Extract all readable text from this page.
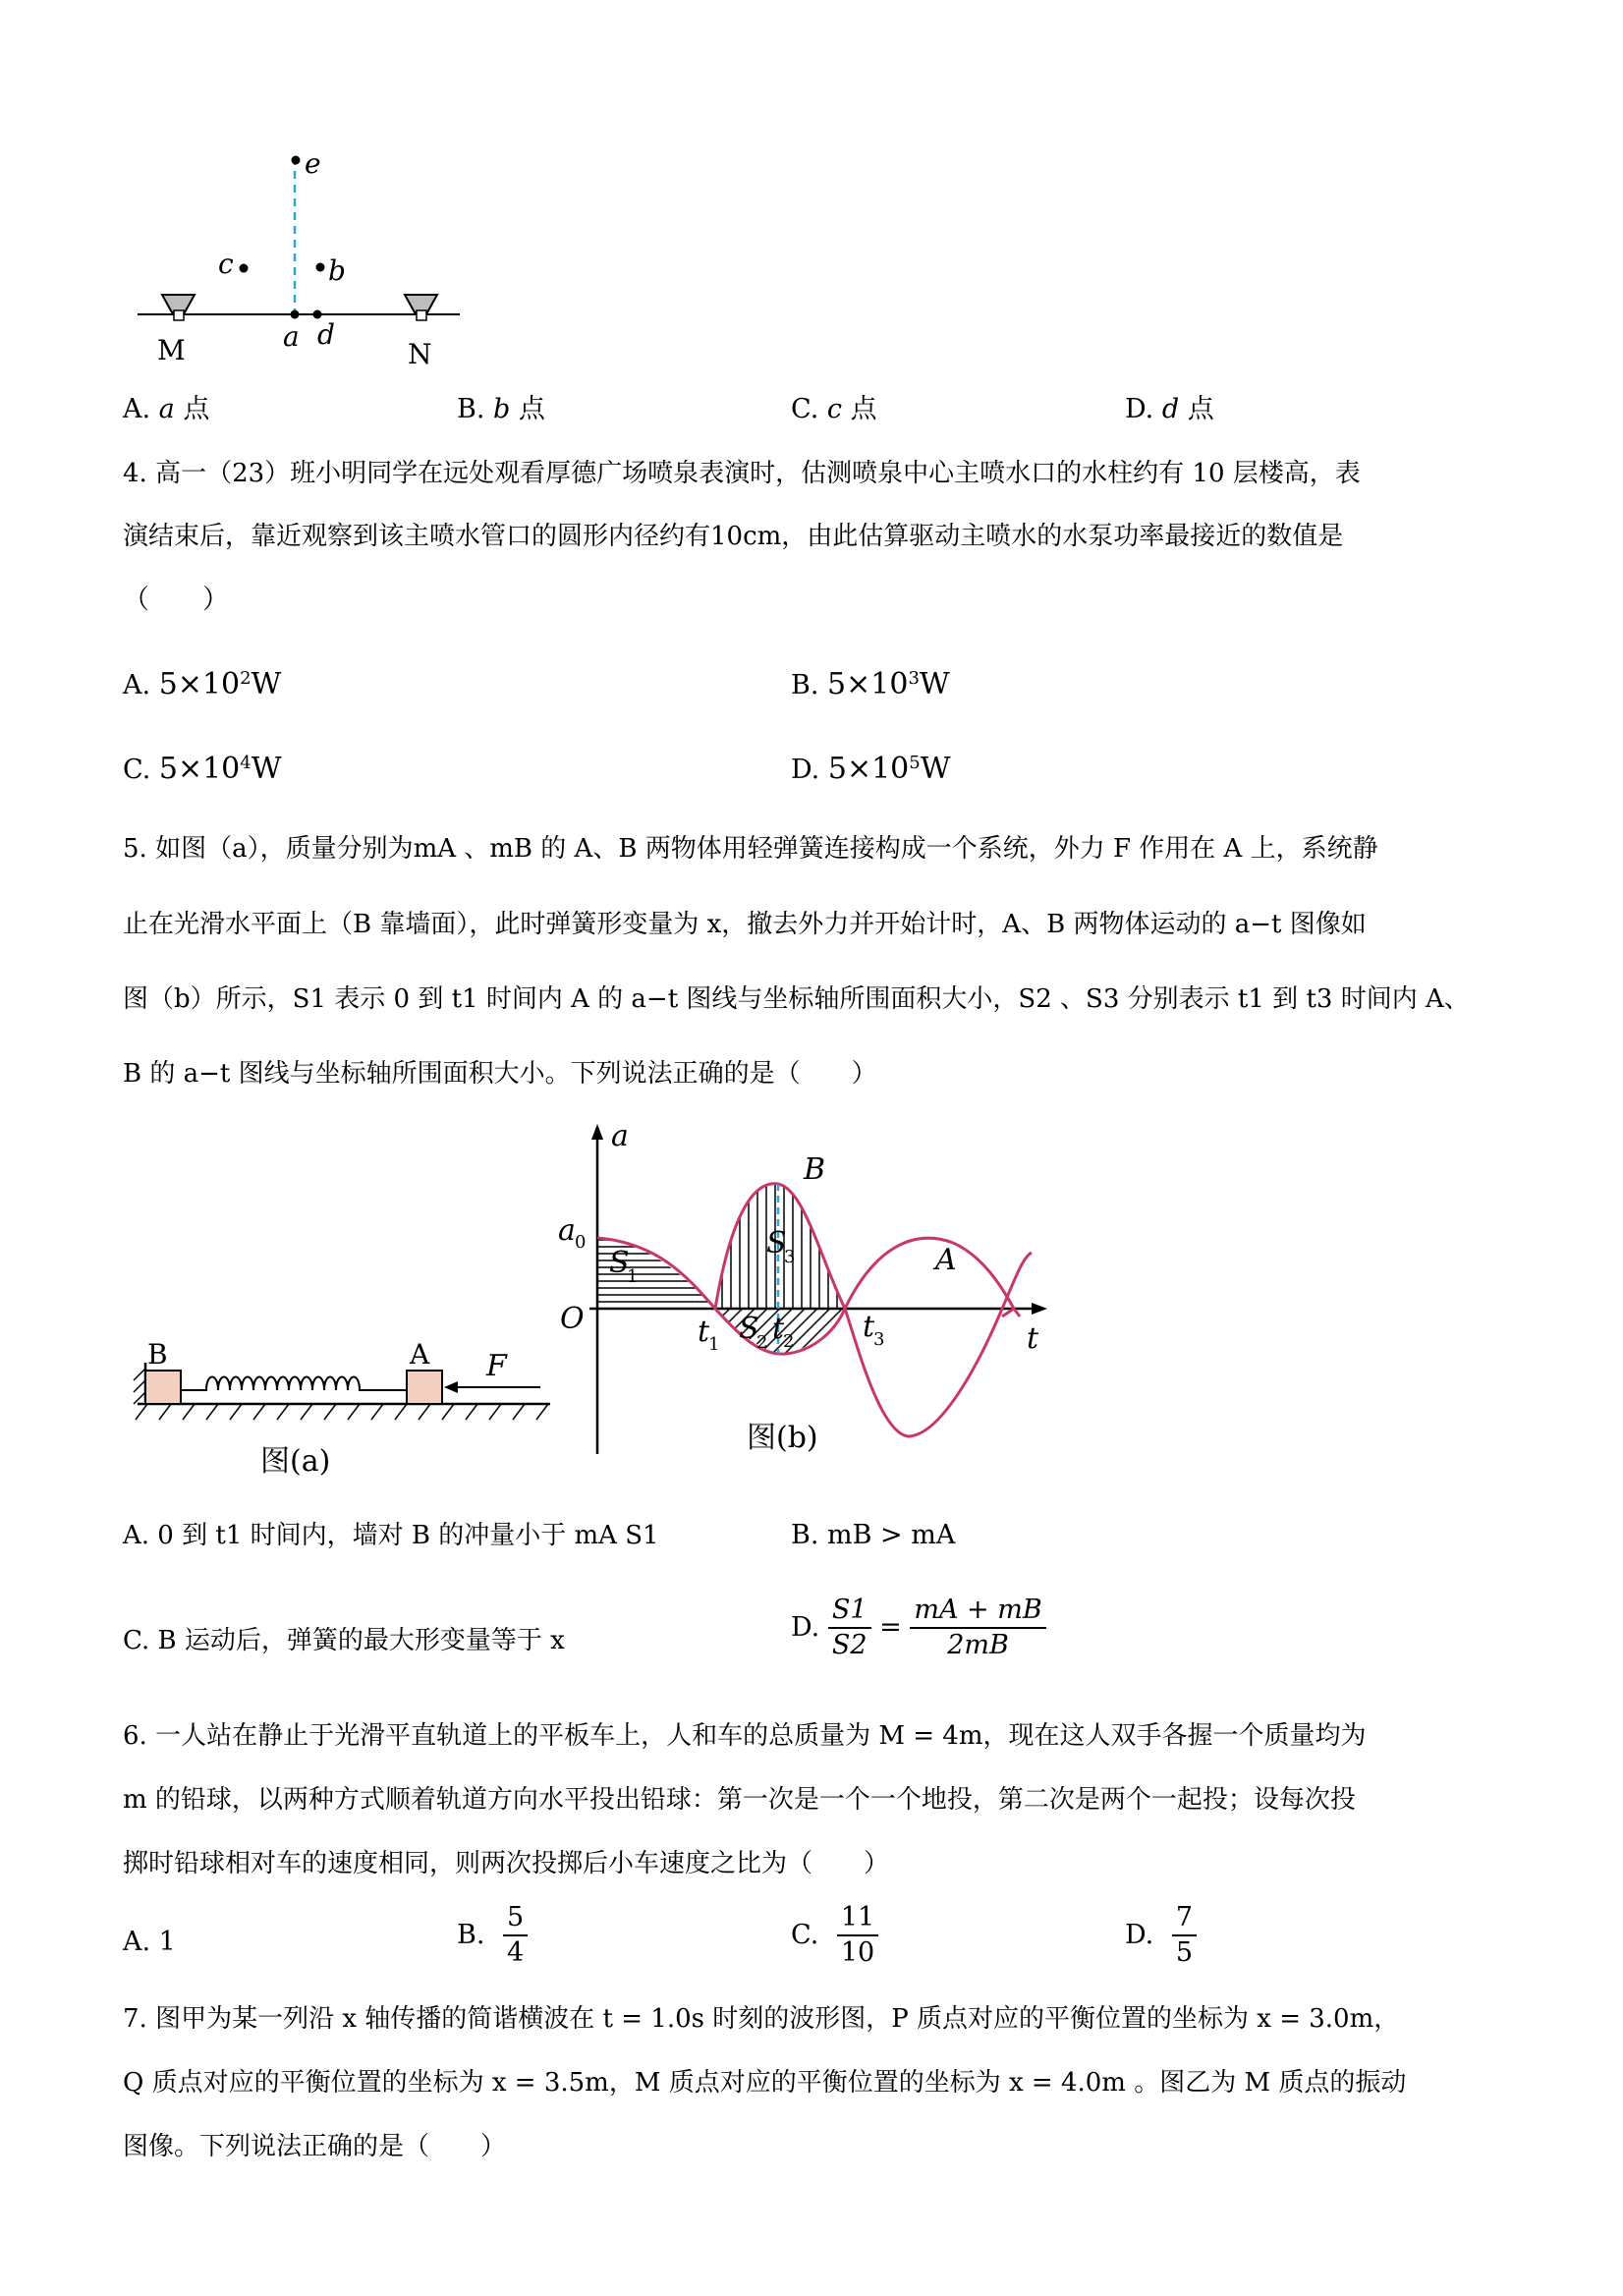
e
c	b
a d
M	N
A. a 点	B. b 点	C. c 点	D. d 点
4. 高一（23）班小明同学在远处观看厚德广场喷泉表演时，估测喷泉中心主喷水口的水柱约有 10 层楼高，表
演结束后，靠近观察到该主喷水管口的圆形内径约有10cm，由此估算驱动主喷水的水泵功率最接近的数值是
（　　）
A. $5\times 10^2W$	B. $5\times 10^3W$
C. $5\times 10^4W$	D. $5\times 10^5W$
5. 如图（a），质量分别为mA 、mB 的 A、B 两物体用轻弹簧连接构成一个系统，外力 F 作用在 A 上，系统静
止在光滑水平面上（B 靠墙面），此时弹簧形变量为 x，撤去外力并开始计时，A、B 两物体运动的 a−t 图像如
图（b）所示，S1 表示 0 到 t1 时间内 A 的 a−t 图线与坐标轴所围面积大小，S2 、S3 分别表示 t1 到 t3 时间内 A、
B 的 a−t 图线与坐标轴所围面积大小。下列说法正确的是（　　）
B	A F
图(a)
a
a 0
O
t
B
A
S
1
S
3
S
2
t
1 t
2 t
3
图(b)
A. 0 到 t1 时间内，墙对 B 的冲量小于 mA S1	B. mB > mA
C. B 运动后，弹簧的最大形变量等于 x	D. $\frac{S1}{S2} = \frac{mA + mB}{2mB}$
6. 一人站在静止于光滑平直轨道上的平板车上，人和车的总质量为 M = 4m，现在这人双手各握一个质量均为
m 的铅球，以两种方式顺着轨道方向水平投出铅球：第一次是一个一个地投，第二次是两个一起投；设每次投
掷时铅球相对车的速度相同，则两次投掷后小车速度之比为（　　）
A. 1	B. $\frac{5}{4}$	C. $\frac{11}{10}$	D. $\frac{7}{5}$
7. 图甲为某一列沿 x 轴传播的简谐横波在 t = 1.0s 时刻的波形图，P 质点对应的平衡位置的坐标为 x = 3.0m，
Q 质点对应的平衡位置的坐标为 x = 3.5m，M 质点对应的平衡位置的坐标为 x = 4.0m 。图乙为 M 质点的振动
图像。下列说法正确的是（　　）
